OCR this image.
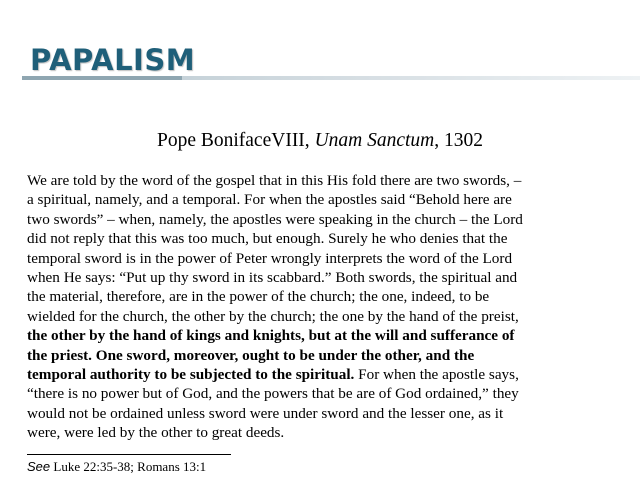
PAPALISM
Pope BonifaceVIII, Unam Sanctum, 1302

We are told by the word of the gospel that in this His fold there are two swords, –
a spiritual, namely, and a temporal. For when the apostles said “Behold here are
two swords” – when, namely, the apostles were speaking in the church – the Lord
did not reply that this was too much, but enough. Surely he who denies that the
temporal sword is in the power of Peter wrongly interprets the word of the Lord
when He says: “Put up thy sword in its scabbard.” Both swords, the spiritual and
the material, therefore, are in the power of the church; the one, indeed, to be
wielded for the church, the other by the church; the one by the hand of the preist,
the other by the hand of kings and knights, but at the will and sufferance of
the priest. One sword, moreover, ought to be under the other, and the
temporal authority to be subjected to the spiritual. For when the apostle says,
“there is no power but of God, and the powers that be are of God ordained,” they
would not be ordained unless sword were under sword and the lesser one, as it
were, were led by the other to great deeds.

See Luke 22:35-38; Romans 13:1
